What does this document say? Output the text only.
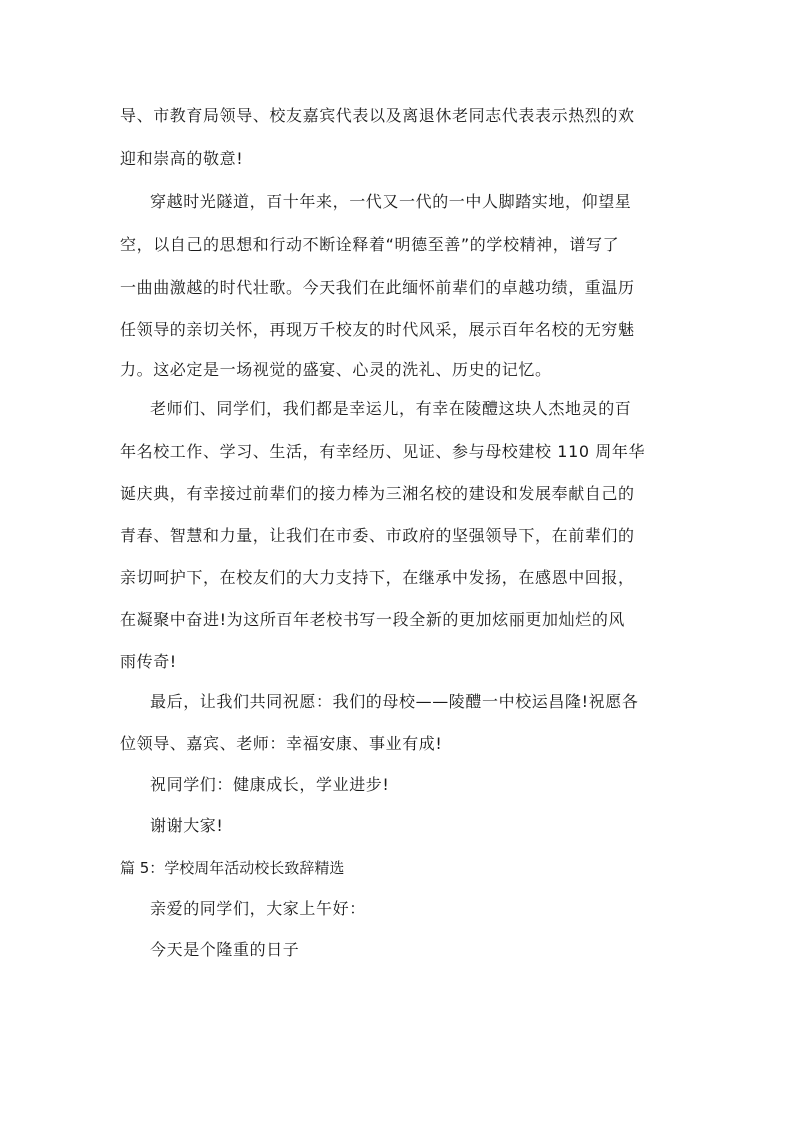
导、市教育局领导、校友嘉宾代表以及离退休老同志代表表示热烈的欢
迎和崇高的敬意!
穿越时光隧道，百十年来，一代又一代的一中人脚踏实地，仰望星
空，以自己的思想和行动不断诠释着“明德至善”的学校精神，谱写了
一曲曲激越的时代壮歌。今天我们在此缅怀前辈们的卓越功绩，重温历
任领导的亲切关怀，再现万千校友的时代风采，展示百年名校的无穷魅
力。这必定是一场视觉的盛宴、心灵的洗礼、历史的记忆。
老师们、同学们，我们都是幸运儿，有幸在陵醴这块人杰地灵的百
年名校工作、学习、生活，有幸经历、见证、参与母校建校 110 周年华
诞庆典，有幸接过前辈们的接力棒为三湘名校的建设和发展奉献自己的
青春、智慧和力量，让我们在市委、市政府的坚强领导下，在前辈们的
亲切呵护下，在校友们的大力支持下，在继承中发扬，在感恩中回报，
在凝聚中奋进!为这所百年老校书写一段全新的更加炫丽更加灿烂的风
雨传奇!
最后，让我们共同祝愿：我们的母校——陵醴一中校运昌隆!祝愿各
位领导、嘉宾、老师：幸福安康、事业有成!
祝同学们：健康成长，学业进步!
谢谢大家!
篇 5：学校周年活动校长致辞精选
亲爱的同学们，大家上午好：
今天是个隆重的日子
